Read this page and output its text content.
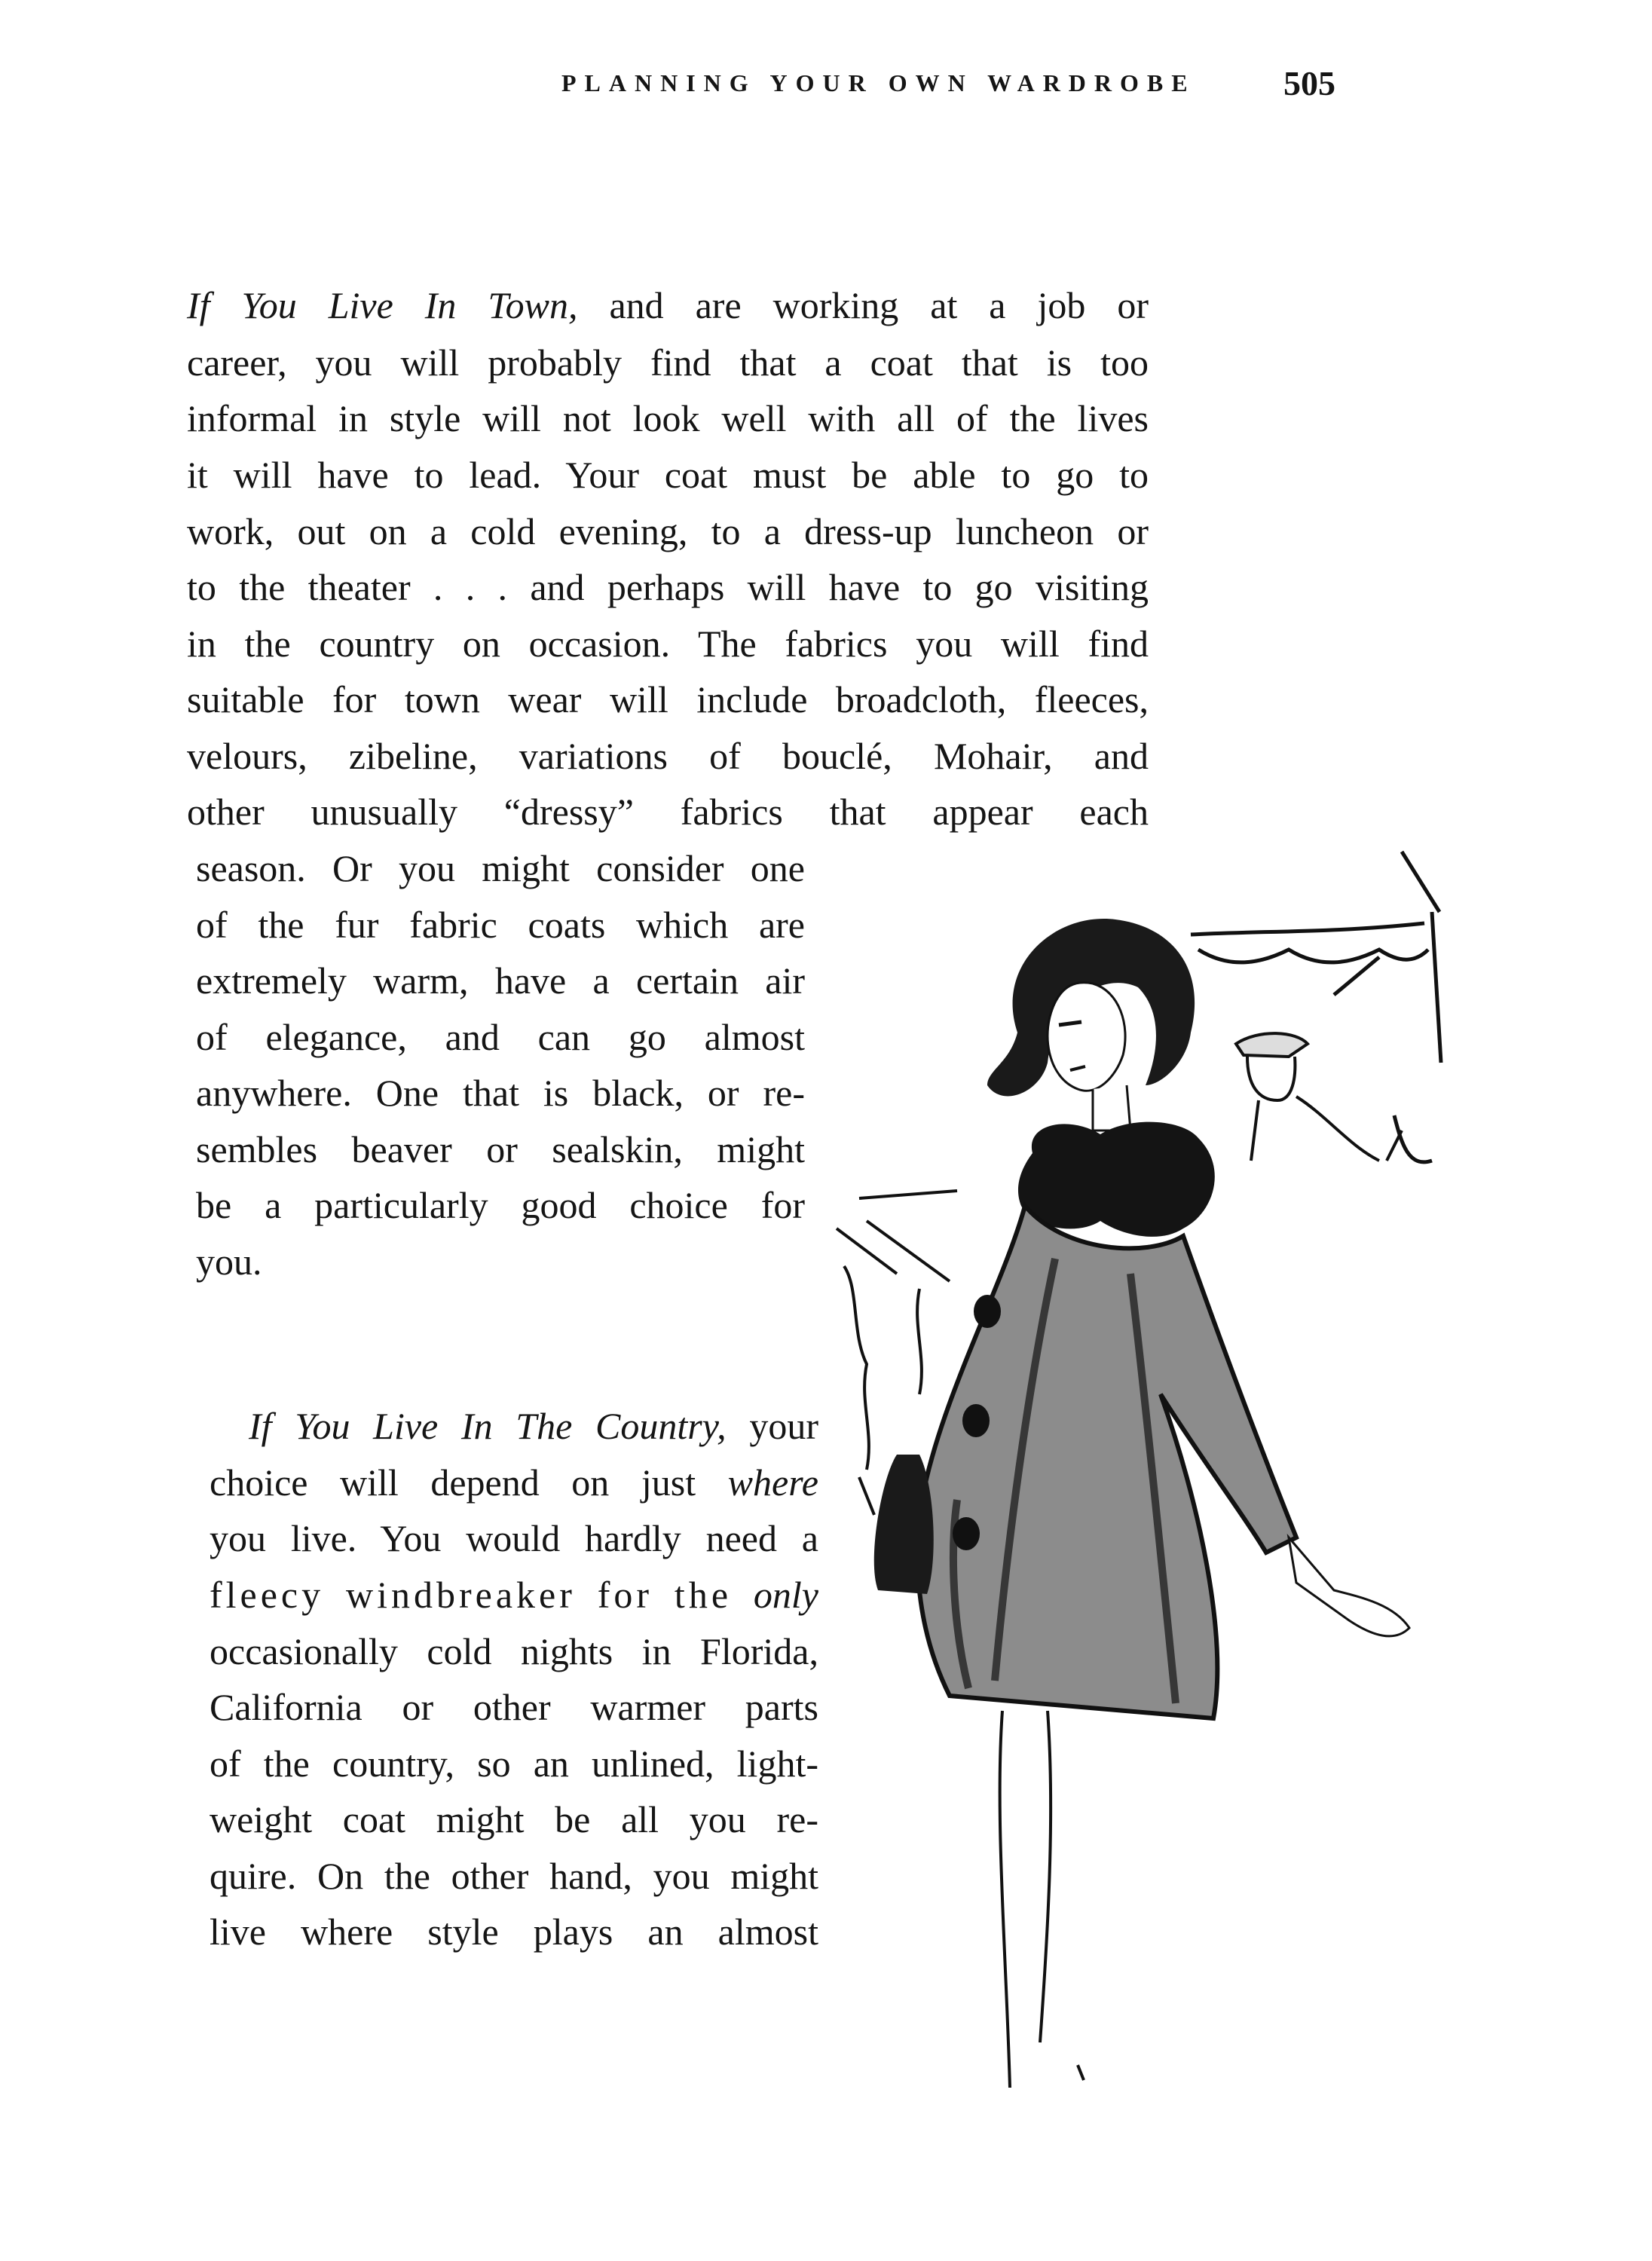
PLANNING YOUR OWN WARDROBE	505
If You Live In Town, and are working at a job or
career, you will probably find that a coat that is too
informal in style will not look well with all of the lives
it will have to lead. Your coat must be able to go to
work, out on a cold evening, to a dress-up luncheon or
to the theater . . . and perhaps will have to go visiting
in the country on occasion. The fabrics you will find
suitable for town wear will include broadcloth, fleeces,
velours, zibeline, variations of bouclé, Mohair, and
other unusually “dressy” fabrics that appear each
season. Or you might consider one
of the fur fabric coats which are
extremely warm, have a certain air
of elegance, and can go almost
anywhere. One that is black, or re-
sembles beaver or sealskin, might
be a particularly good choice for
you.
If You Live In The Country, your
choice will depend on just where
you live. You would hardly need a
fleecy windbreaker for the only
occasionally cold nights in Florida,
California or other warmer parts
of the country, so an unlined, light-
weight coat might be all you re-
quire. On the other hand, you might
live where style plays an almost
